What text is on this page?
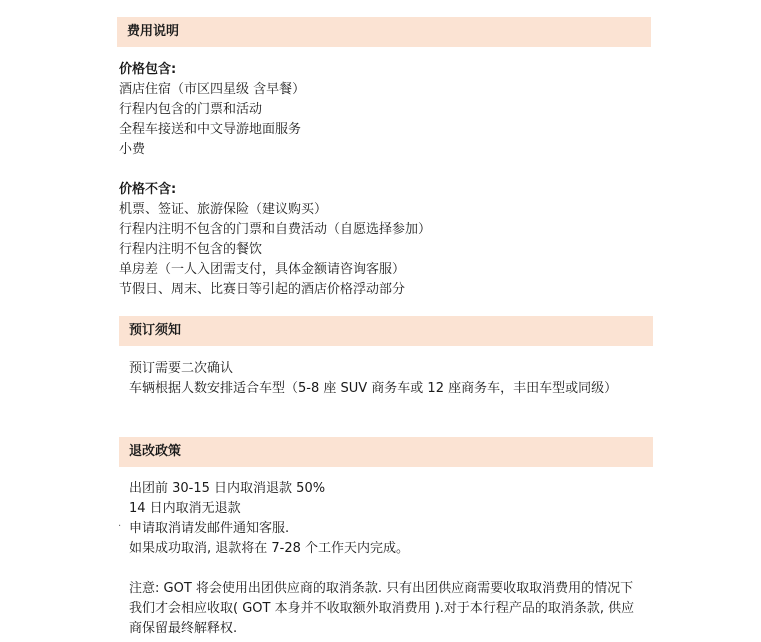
费用说明
价格包含:
酒店住宿（市区四星级 含早餐）
行程内包含的门票和活动
全程车接送和中文导游地面服务
小费
价格不含:
机票、签证、旅游保险（建议购买）
行程内注明不包含的门票和自费活动（自愿选择参加）
行程内注明不包含的餐饮
单房差（一人入团需支付，具体金额请咨询客服）
节假日、周末、比赛日等引起的酒店价格浮动部分
预订须知
预订需要二次确认
车辆根据人数安排适合车型（5-8 座 SUV 商务车或 12 座商务车，丰田车型或同级）
退改政策
出团前 30-15 日内取消退款 50%
14 日内取消无退款
· 申请取消请发邮件通知客服.
如果成功取消, 退款将在 7-28 个工作天内完成。
注意: GOT 将会使用出团供应商的取消条款. 只有出团供应商需要收取取消费用的情况下
我们才会相应收取( GOT 本身并不收取额外取消费用 ).对于本行程产品的取消条款, 供应
商保留最终解释权.
